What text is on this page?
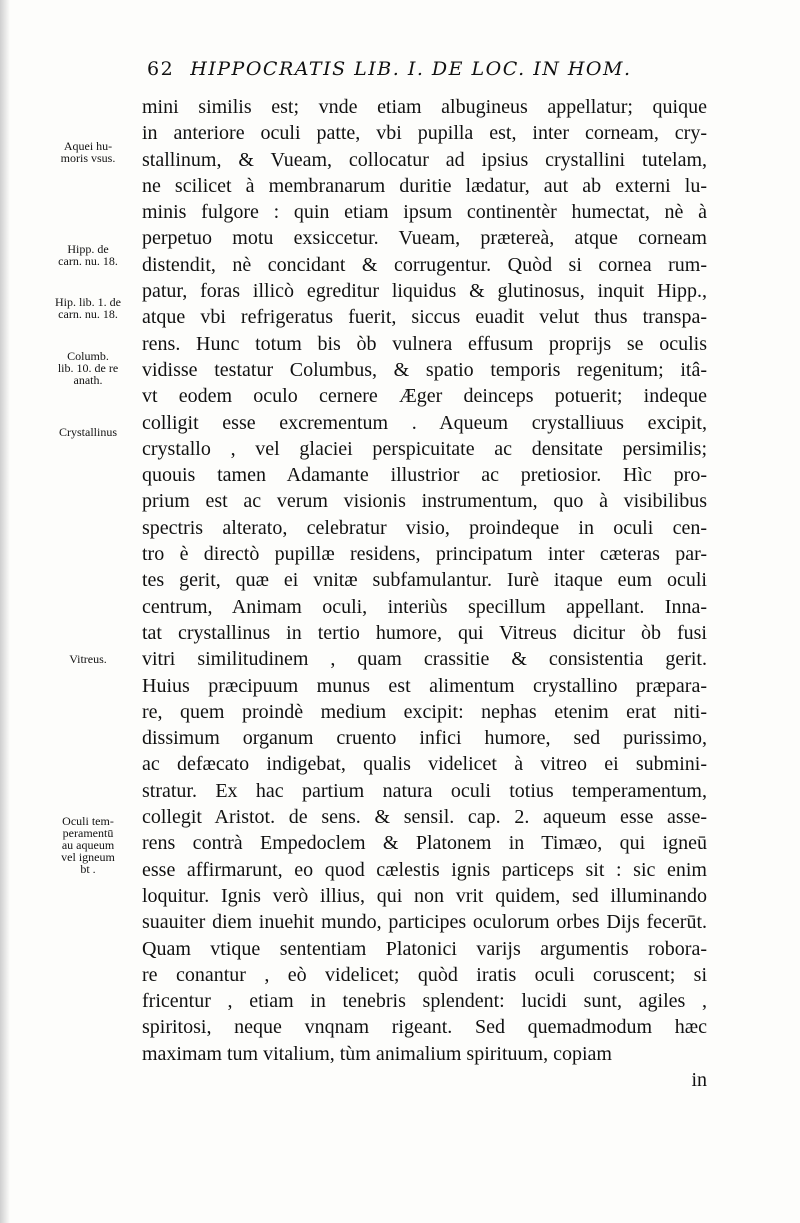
62 HIPPOCRATIS LIB. I. DE LOC. IN HOM.
mini similis est; vnde etiam albugineus appellatur; quique
in anteriore oculi patte, vbi pupilla est, inter corneam, cry-
stallinum, & Vueam, collocatur ad ipsius crystallini tutelam,
ne scilicet à membranarum duritie lædatur, aut ab externi lu-
minis fulgore : quin etiam ipsum continentèr humectat, nè à
perpetuo motu exsiccetur. Vueam, prætereà, atque corneam
distendit, nè concidant & corrugentur. Quòd si cornea rum-
patur, foras illicò egreditur liquidus & glutinosus, inquit Hipp.,
atque vbi refrigeratus fuerit, siccus euadit velut thus transpa-
rens. Hunc totum bis òb vulnera effusum proprijs se oculis
vidisse testatur Columbus, & spatio temporis regenitum; itâ-
vt eodem oculo cernere Æger deinceps potuerit; indeque
colligit esse excrementum . Aqueum crystalliuus excipit,
crystallo , vel glaciei perspicuitate ac densitate persimilis;
quouis tamen Adamante illustrior ac pretiosior. Hìc pro-
prium est ac verum visionis instrumentum, quo à visibilibus
spectris alterato, celebratur visio, proindeque in oculi cen-
tro è directò pupillæ residens, principatum inter cæteras par-
tes gerit, quæ ei vnitæ subfamulantur. Iurè itaque eum oculi
centrum, Animam oculi, interiùs specillum appellant. Inna-
tat crystallinus in tertio humore, qui Vitreus dicitur òb fusi
vitri similitudinem , quam crassitie & consistentia gerit.
Huius præcipuum munus est alimentum crystallino præpara-
re, quem proindè medium excipit: nephas etenim erat niti-
dissimum organum cruento infici humore, sed purissimo,
ac defæcato indigebat, qualis videlicet à vitreo ei submini-
stratur. Ex hac partium natura oculi totius temperamentum,
collegit Aristot. de sens. & sensil. cap. 2. aqueum esse asse-
rens contrà Empedoclem & Platonem in Timæo, qui igneū
esse affirmarunt, eo quod cælestis ignis particeps sit : sic enim
loquitur. Ignis verò illius, qui non vrit quidem, sed illuminando
suauiter diem inuehit mundo, participes oculorum orbes Dijs fecerūt.
Quam vtique sententiam Platonici varijs argumentis robora-
re conantur , eò videlicet; quòd iratis oculi coruscent; si
fricentur , etiam in tenebris splendent: lucidi sunt, agiles ,
spiritosi, neque vnqnam rigeant. Sed quemadmodum hæc
maximam tum vitalium, tùm animalium spirituum, copiam
in
Aquei hu-
moris vsus.
Hipp. de
carn. nu. 18.
Hip. lib. 1. de
carn. nu. 18.
Columb.
lib. 10. de re
anath.
Crystallinus
Vitreus.
Oculi tem-
peramentū
au aqueum
vel igneum
bt .
